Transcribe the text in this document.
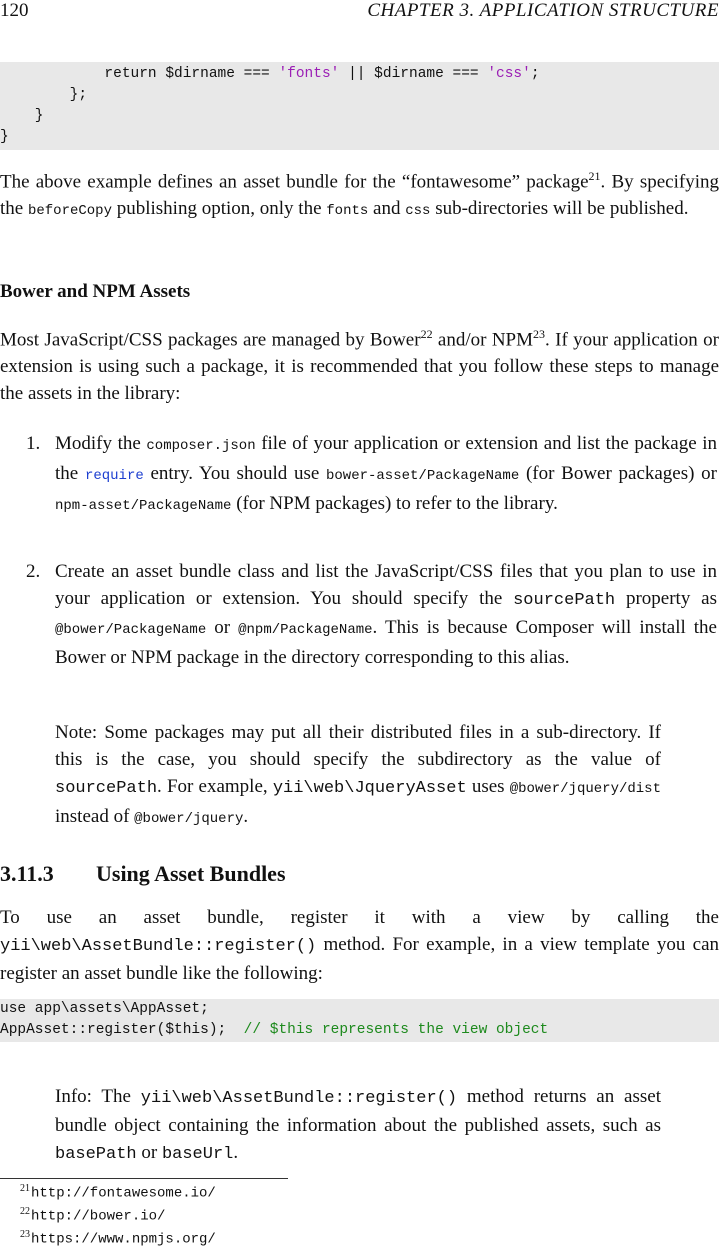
120	CHAPTER 3. APPLICATION STRUCTURE
return $dirname === 'fonts' || $dirname === 'css';
};
}
}

The above example defines an asset bundle for the “fontawesome” package$^{21}$. By specifying the beforeCopy publishing option, only the fonts and css sub-directories will be published.

Bower and NPM Assets

Most JavaScript/CSS packages are managed by Bower$^{22}$ and/or NPM$^{23}$. If your application or extension is using such a package, it is recommended that you follow these steps to manage the assets in the library:

1. Modify the composer.json file of your application or extension and list the package in the require entry. You should use bower-asset/PackageName (for Bower packages) or npm-asset/PackageName (for NPM packages) to refer to the library.

2. Create an asset bundle class and list the JavaScript/CSS files that you plan to use in your application or extension. You should specify the sourcePath property as @bower/PackageName or @npm/PackageName. This is because Composer will install the Bower or NPM package in the directory corresponding to this alias.

Note: Some packages may put all their distributed files in a sub-directory. If this is the case, you should specify the subdirectory as the value of sourcePath. For example, yii\web\JqueryAsset uses @bower/jquery/dist instead of @bower/jquery.

3.11.3 Using Asset Bundles

To use an asset bundle, register it with a view by calling the yii\web\AssetBundle::register() method. For example, in a view template you can register an asset bundle like the following:

use app\assets\AppAsset;
AppAsset::register($this);  // $this represents the view object

Info: The yii\web\AssetBundle::register() method returns an asset bundle object containing the information about the published assets, such as basePath or baseUrl.

$^{21}$http://fontawesome.io/
$^{22}$http://bower.io/
$^{23}$https://www.npmjs.org/
